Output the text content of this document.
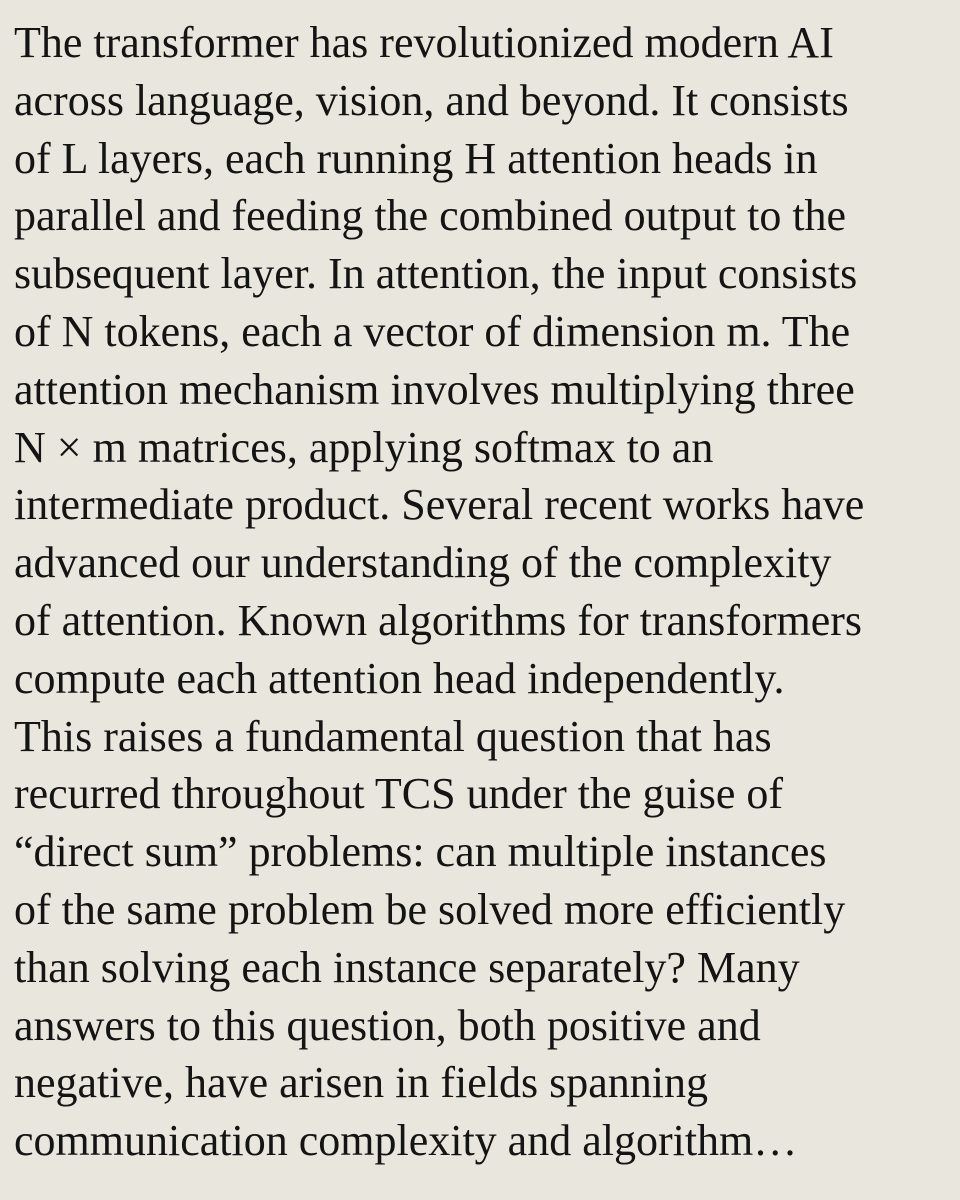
The transformer has revolutionized modern AI
across language, vision, and beyond. It consists
of L layers, each running H attention heads in
parallel and feeding the combined output to the
subsequent layer. In attention, the input consists
of N tokens, each a vector of dimension m. The
attention mechanism involves multiplying three
N × m matrices, applying softmax to an
intermediate product. Several recent works have
advanced our understanding of the complexity
of attention. Known algorithms for transformers
compute each attention head independently.
This raises a fundamental question that has
recurred throughout TCS under the guise of
“direct sum” problems: can multiple instances
of the same problem be solved more efficiently
than solving each instance separately? Many
answers to this question, both positive and
negative, have arisen in fields spanning
communication complexity and algorithm…
